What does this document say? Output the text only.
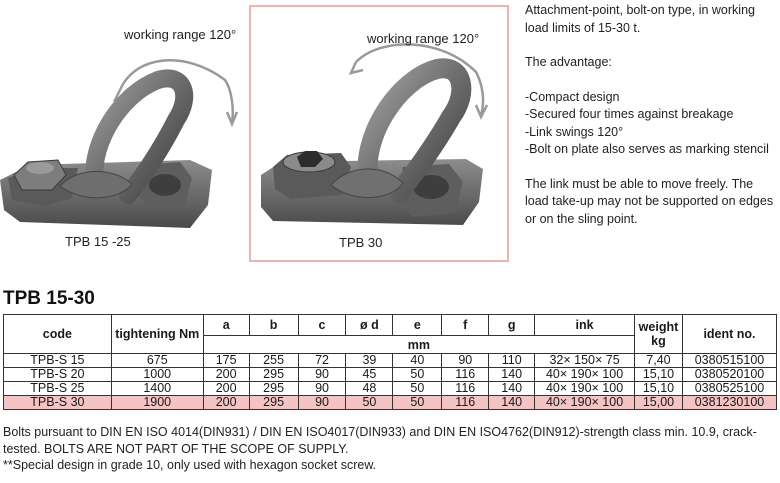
working range 120°
TPB 15 -25
working range 120°
TPB 30

Attachment-point, bolt-on type, in working load limits of 15-30 t.

The advantage:

-Compact design

-Secured four times against breakage

-Link swings 120°

-Bolt on plate also serves as marking stencil

The link must be able to move freely. The load take-up may not be supported on edges or on the sling point.

TPB 15-30
code	tightening Nm	a	b	c	ø d	e	f	g	ink	weight kg	ident no.
		mm									
TPB-S 15	675	175	255	72	39	40	90	110	32× 150× 75	7,40	0380515100
TPB-S 20	1000	200	295	90	45	50	116	140	40× 190× 100	15,10	0380520100
TPB-S 25	1400	200	295	90	48	50	116	140	40× 190× 100	15,10	0380525100
TPB-S 30	1900	200	295	90	50	50	116	140	40× 190× 100	15,00	0381230100

Bolts pursuant to DIN EN ISO 4014(DIN931) / DIN EN ISO4017(DIN933) and DIN EN ISO4762(DIN912)-strength class min. 10.9, crack-tested. BOLTS ARE NOT PART OF THE SCOPE OF SUPPLY.

**Special design in grade 10, only used with hexagon socket screw.
